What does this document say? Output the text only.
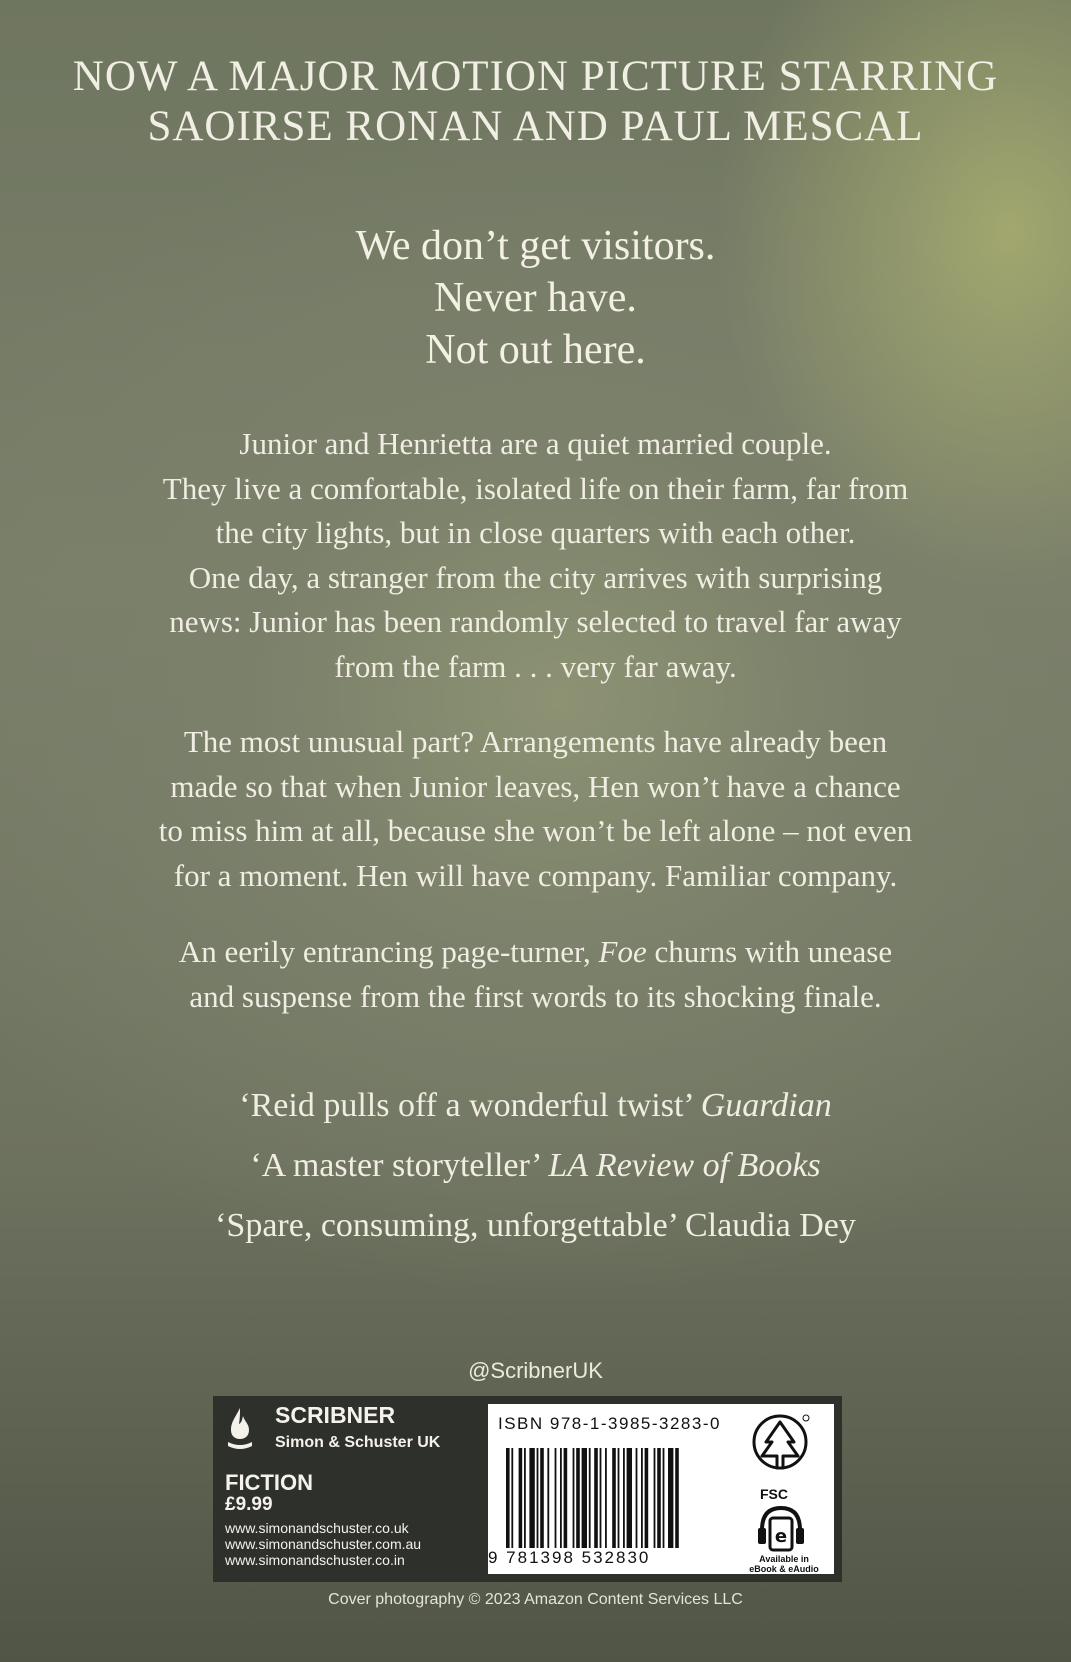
NOW A MAJOR MOTION PICTURE STARRING
SAOIRSE RONAN AND PAUL MESCAL
We don’t get visitors.
Never have.
Not out here.
Junior and Henrietta are a quiet married couple.
They live a comfortable, isolated life on their farm, far from
the city lights, but in close quarters with each other.
One day, a stranger from the city arrives with surprising
news: Junior has been randomly selected to travel far away
from the farm . . . very far away.
The most unusual part? Arrangements have already been
made so that when Junior leaves, Hen won’t have a chance
to miss him at all, because she won’t be left alone – not even
for a moment. Hen will have company. Familiar company.
An eerily entrancing page-turner, Foe churns with unease
and suspense from the first words to its shocking finale.
‘Reid pulls off a wonderful twist’ Guardian
‘A master storyteller’ LA Review of Books
‘Spare, consuming, unforgettable’ Claudia Dey
@ScribnerUK
SCRIBNER
Simon & Schuster UK
FICTION
£9.99
www.simonandschuster.co.uk
www.simonandschuster.com.au
www.simonandschuster.co.in
ISBN 978-1-3985-3283-0
9 781398 532830
FSC
e
Available in
eBook & eAudio
Cover photography © 2023 Amazon Content Services LLC
